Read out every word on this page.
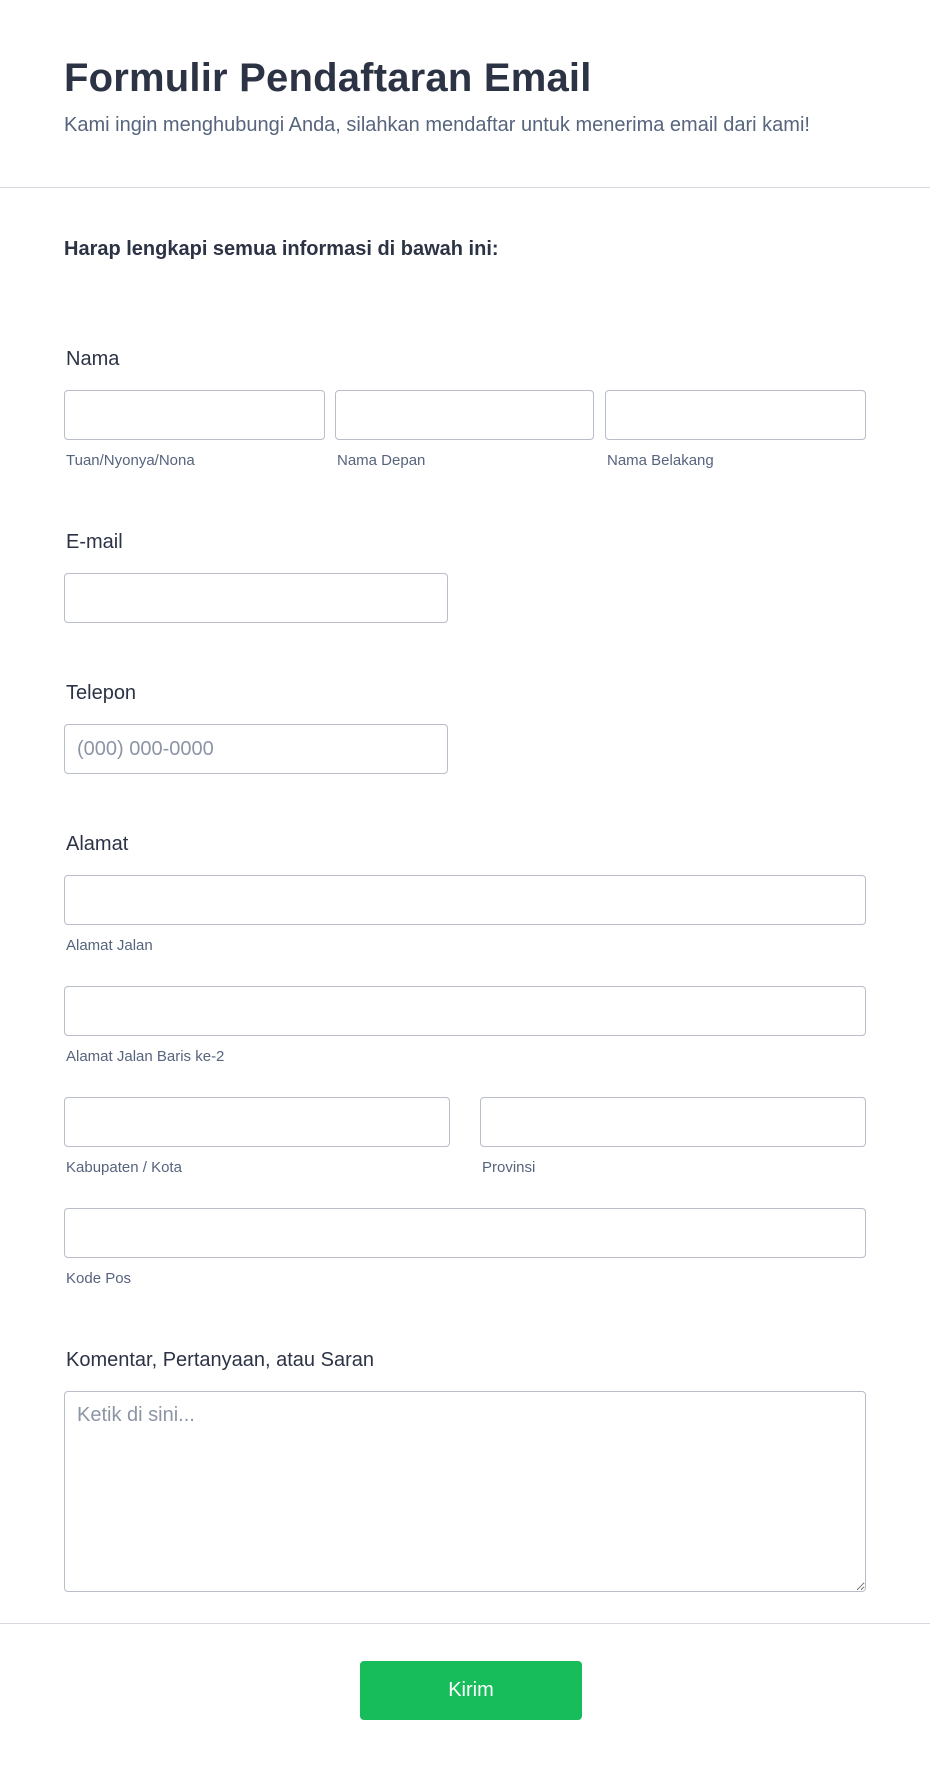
Formulir Pendaftaran Email
Kami ingin menghubungi Anda, silahkan mendaftar untuk menerima email dari kami!
Harap lengkapi semua informasi di bawah ini:
Nama
Tuan/Nyonya/Nona	Nama Depan	Nama Belakang
E-mail
Telepon
(000) 000-0000
Alamat
Alamat Jalan
Alamat Jalan Baris ke-2
Kabupaten / Kota	Provinsi
Kode Pos
Komentar, Pertanyaan, atau Saran
Ketik di sini...
Kirim
